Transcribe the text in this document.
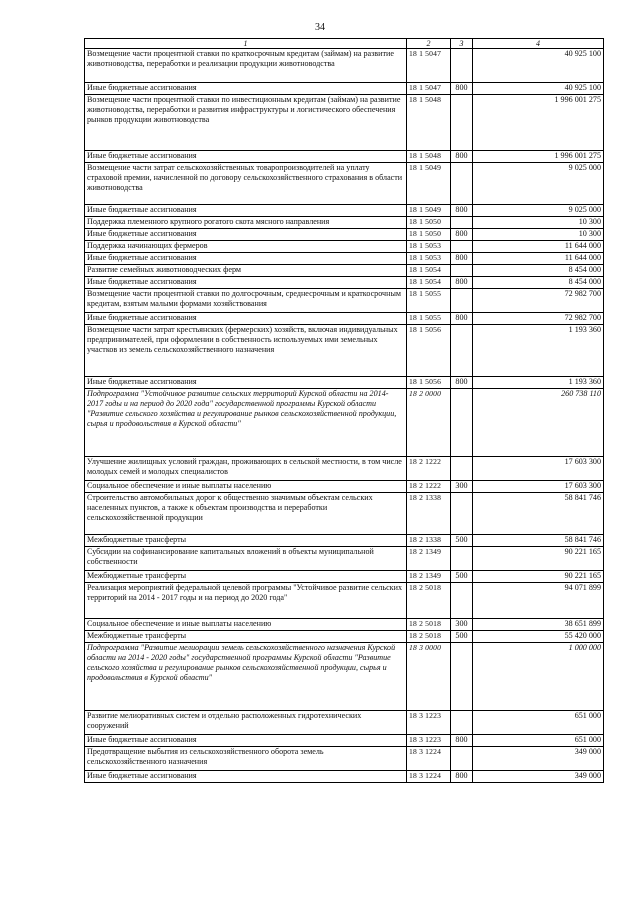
34
1	2	3	4
Возмещение части процентной ставки по краткосрочным кредитам (займам) на развитие животноводства, переработки и реализации продукции животноводства	18 1 5047		40 925 100
Иные бюджетные ассигнования	18 1 5047	800	40 925 100
Возмещение части процентной ставки по инвестиционным кредитам (займам) на развитие животноводства, переработки и развития инфраструктуры и логистического обеспечения рынков продукции животноводства	18 1 5048		1 996 001 275
Иные бюджетные ассигнования	18 1 5048	800	1 996 001 275
Возмещение части затрат сельскохозяйственных товаропроизводителей на уплату страховой премии, начисленной по договору сельскохозяйственного страхования в области животноводства	18 1 5049		9 025 000
Иные бюджетные ассигнования	18 1 5049	800	9 025 000
Поддержка племенного крупного рогатого скота мясного направления	18 1 5050		10 300
Иные бюджетные ассигнования	18 1 5050	800	10 300
Поддержка начинающих фермеров	18 1 5053		11 644 000
Иные бюджетные ассигнования	18 1 5053	800	11 644 000
Развитие семейных животноводческих ферм	18 1 5054		8 454 000
Иные бюджетные ассигнования	18 1 5054	800	8 454 000
Возмещение части процентной ставки по долгосрочным, среднесрочным и краткосрочным кредитам, взятым малыми формами хозяйствования	18 1 5055		72 982 700
Иные бюджетные ассигнования	18 1 5055	800	72 982 700
Возмещение части затрат крестьянских (фермерских) хозяйств, включая индивидуальных предпринимателей, при оформлении в собственность используемых ими земельных участков из земель сельскохозяйственного назначения	18 1 5056		1 193 360
Иные бюджетные ассигнования	18 1 5056	800	1 193 360
Подпрограмма "Устойчивое развитие сельских территорий Курской области на 2014-2017 годы и на период до 2020 года" государственной программы Курской области "Развитие сельского хозяйства и регулирование рынков сельскохозяйственной продукции, сырья и продовольствия в Курской области"	18 2 0000		260 738 110
Улучшение жилищных условий граждан, проживающих в сельской местности, в том числе молодых семей и молодых специалистов	18 2 1222		17 603 300
Социальное обеспечение и иные выплаты населению	18 2 1222	300	17 603 300
Строительство автомобильных дорог к общественно значимым объектам сельских населенных пунктов, а также к объектам производства и переработки сельскохозяйственной продукции	18 2 1338		58 841 746
Межбюджетные трансферты	18 2 1338	500	58 841 746
Субсидии на софинансирование капитальных вложений в объекты муниципальной собственности	18 2 1349		90 221 165
Межбюджетные трансферты	18 2 1349	500	90 221 165
Реализация мероприятий федеральной целевой программы "Устойчивое развитие сельских территорий на 2014 - 2017 годы и на период до 2020 года"	18 2 5018		94 071 899
Социальное обеспечение и иные выплаты населению	18 2 5018	300	38 651 899
Межбюджетные трансферты	18 2 5018	500	55 420 000
Подпрограмма "Развитие мелиорации земель сельскохозяйственного назначения Курской области на 2014 - 2020 годы" государственной программы Курской области "Развитие сельского хозяйства и регулирование рынков сельскохозяйственной продукции, сырья и продовольствия в Курской области"	18 3 0000		1 000 000
Развитие мелиоративных систем и отдельно расположенных гидротехнических сооружений	18 3 1223		651 000
Иные бюджетные ассигнования	18 3 1223	800	651 000
Предотвращение выбытия из сельскохозяйственного оборота земель сельскохозяйственного назначения	18 3 1224		349 000
Иные бюджетные ассигнования	18 3 1224	800	349 000
